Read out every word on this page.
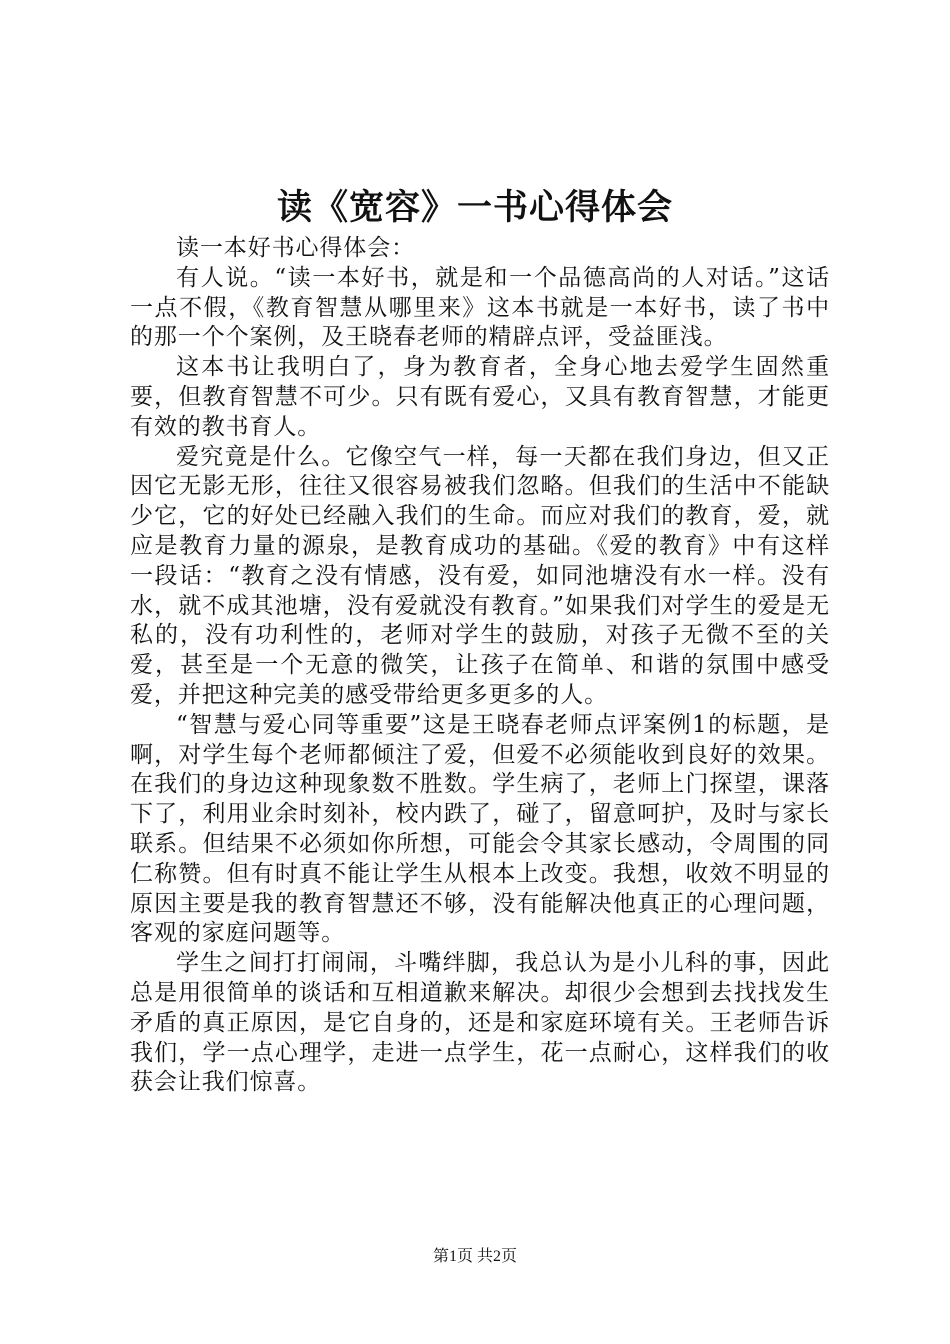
读《宽容》一书心得体会

读一本好书心得体会：

有人说。“读一本好书，就是和一个品德高尚的人对话。”这话一点不假，《教育智慧从哪里来》这本书就是一本好书，读了书中的那一个个案例，及王晓春老师的精辟点评，受益匪浅。

这本书让我明白了，身为教育者，全身心地去爱学生固然重要，但教育智慧不可少。只有既有爱心，又具有教育智慧，才能更有效的教书育人。

爱究竟是什么。它像空气一样，每一天都在我们身边，但又正因它无影无形，往往又很容易被我们忽略。但我们的生活中不能缺少它，它的好处已经融入我们的生命。而应对我们的教育，爱，就应是教育力量的源泉，是教育成功的基础。《爱的教育》中有这样一段话：“教育之没有情感，没有爱，如同池塘没有水一样。没有水，就不成其池塘，没有爱就没有教育。”如果我们对学生的爱是无私的，没有功利性的，老师对学生的鼓励，对孩子无微不至的关爱，甚至是一个无意的微笑，让孩子在简单、和谐的氛围中感受爱，并把这种完美的感受带给更多更多的人。

“智慧与爱心同等重要”这是王晓春老师点评案例1的标题，是啊，对学生每个老师都倾注了爱，但爱不必须能收到良好的效果。在我们的身边这种现象数不胜数。学生病了，老师上门探望，课落下了，利用业余时刻补，校内跌了，碰了，留意呵护，及时与家长联系。但结果不必须如你所想，可能会令其家长感动，令周围的同仁称赞。但有时真不能让学生从根本上改变。我想，收效不明显的原因主要是我的教育智慧还不够，没有能解决他真正的心理问题，客观的家庭问题等。

学生之间打打闹闹，斗嘴绊脚，我总认为是小儿科的事，因此总是用很简单的谈话和互相道歉来解决。却很少会想到去找找发生矛盾的真正原因，是它自身的，还是和家庭环境有关。王老师告诉我们，学一点心理学，走进一点学生，花一点耐心，这样我们的收获会让我们惊喜。

第1页 共2页
